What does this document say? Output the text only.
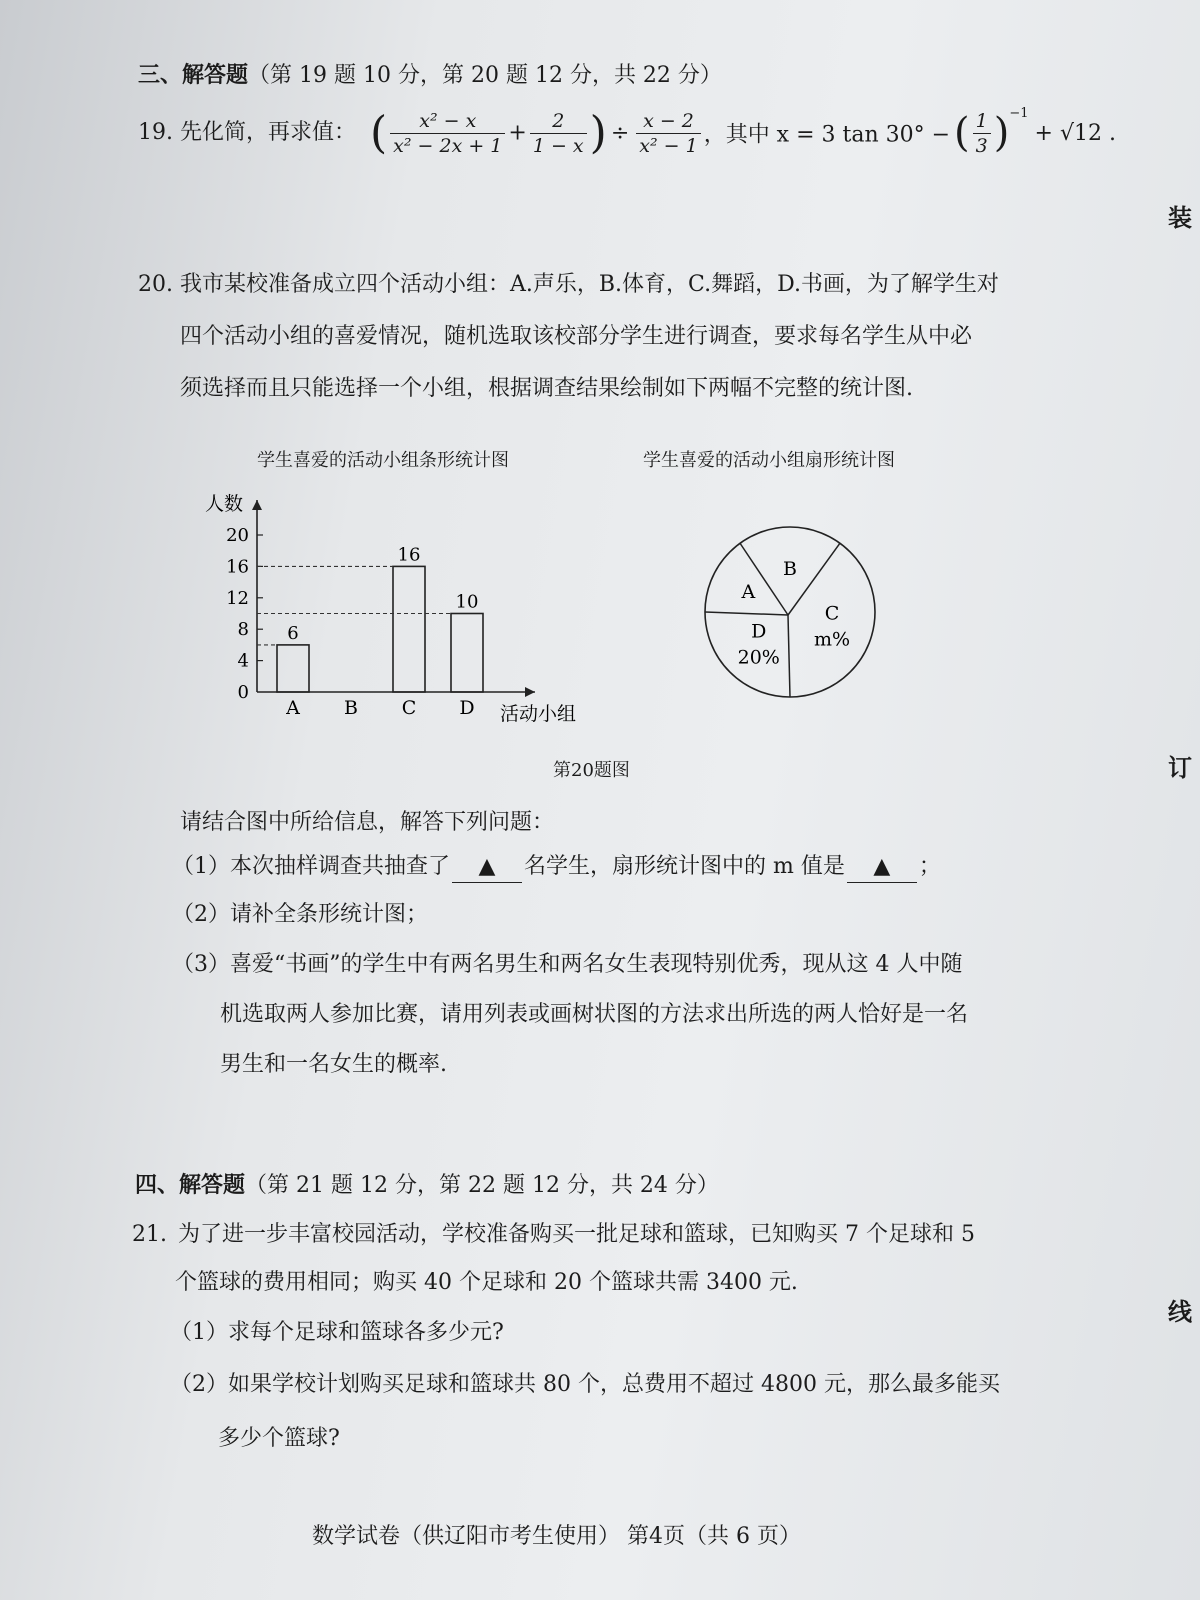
三、解答题（第 19 题 10 分，第 20 题 12 分，共 22 分）
19. 先化简，再求值： ( $\frac{\text{x² − x}}{\text{x² − 2x + 1}} + \frac{2}{1 - x}$ ) ÷ $\frac{x - 2}{\text{x² − 1}}$ ，其中 x = 3 tan 30° − ( $\frac{1}{3} )^{-1}+ √12$ .
20. 我市某校准备成立四个活动小组：A.声乐，B.体育，C.舞蹈，D.书画，为了解学生对
四个活动小组的喜爱情况，随机选取该校部分学生进行调查，要求每名学生从中必
须选择而且只能选择一个小组，根据调查结果绘制如下两幅不完整的统计图.
学生喜爱的活动小组条形统计图	学生喜爱的活动小组扇形统计图
人数
活动小组
0
4
8
12
16
20
A
6
B C
16
D
10	A
B
C
m%
D
20%
第20题图
请结合图中所给信息，解答下列问题：
（1）本次抽样调查共抽查了 ▲ 名学生，扇形统计图中的 m 值是 ▲ ；
（2）请补全条形统计图；
（3）喜爱“书画”的学生中有两名男生和两名女生表现特别优秀，现从这 4 人中随
机选取两人参加比赛，请用列表或画树状图的方法求出所选的两人恰好是一名
男生和一名女生的概率.
四、解答题（第 21 题 12 分，第 22 题 12 分，共 24 分）
21. 为了进一步丰富校园活动，学校准备购买一批足球和篮球，已知购买 7 个足球和 5
个篮球的费用相同；购买 40 个足球和 20 个篮球共需 3400 元.
（1）求每个足球和篮球各多少元?
（2）如果学校计划购买足球和篮球共 80 个，总费用不超过 4800 元，那么最多能买
多少个篮球?
数学试卷（供辽阳市考生使用） 第4页（共 6 页）
装
订
线
